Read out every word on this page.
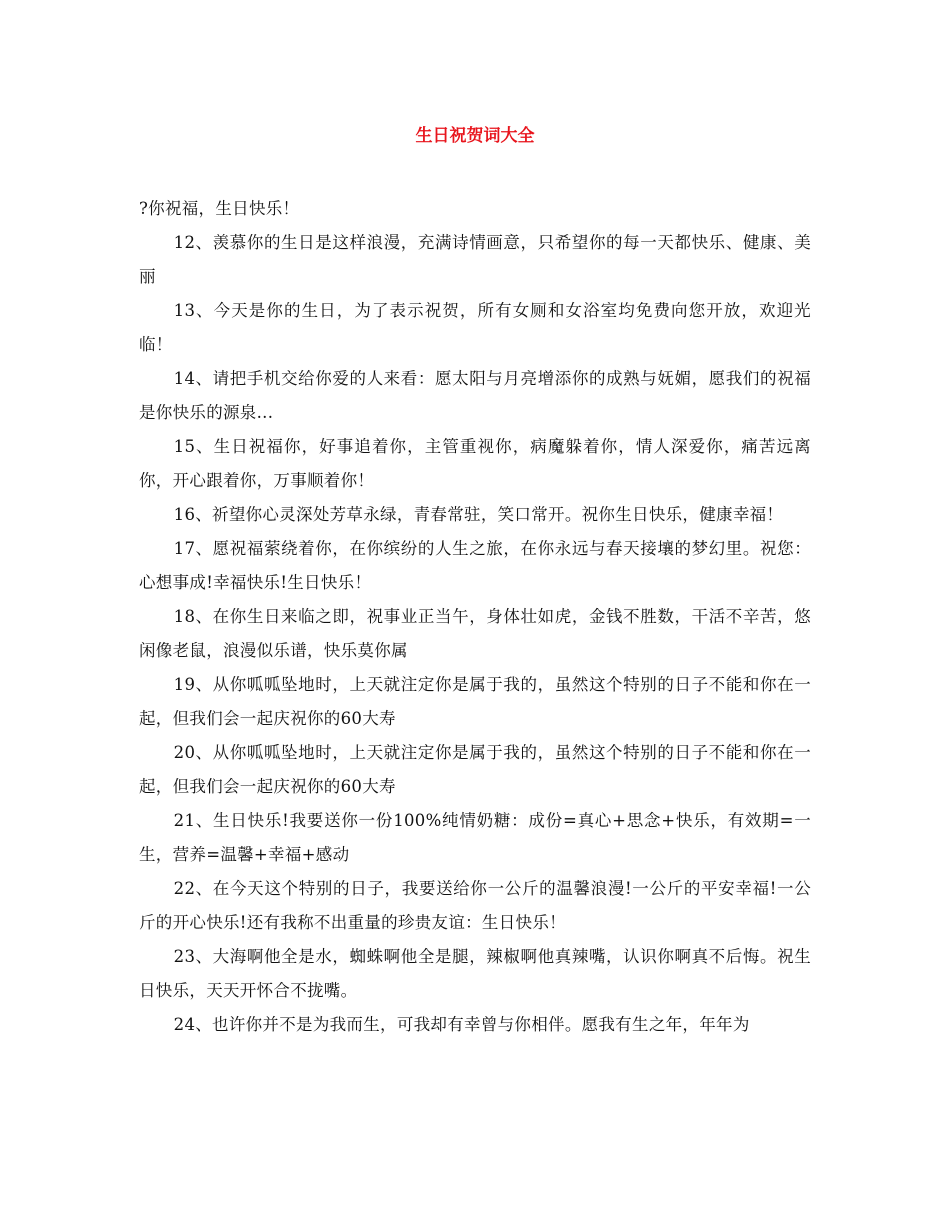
生日祝贺词大全

?你祝福，生日快乐！

12、羡慕你的生日是这样浪漫，充满诗情画意，只希望你的每一天都快乐、健康、美丽

13、今天是你的生日，为了表示祝贺，所有女厕和女浴室均免费向您开放，欢迎光临！

14、请把手机交给你爱的人来看：愿太阳与月亮增添你的成熟与妩媚，愿我们的祝福是你快乐的源泉...

15、生日祝福你，好事追着你，主管重视你，病魔躲着你，情人深爱你，痛苦远离你，开心跟着你，万事顺着你！

16、祈望你心灵深处芳草永绿，青春常驻，笑口常开。祝你生日快乐，健康幸福！

17、愿祝福萦绕着你，在你缤纷的人生之旅，在你永远与春天接壤的梦幻里。祝您：心想事成!幸福快乐!生日快乐！

18、在你生日来临之即，祝事业正当午，身体壮如虎，金钱不胜数，干活不辛苦，悠闲像老鼠，浪漫似乐谱，快乐莫你属

19、从你呱呱坠地时，上天就注定你是属于我的，虽然这个特别的日子不能和你在一起，但我们会一起庆祝你的60大寿

20、从你呱呱坠地时，上天就注定你是属于我的，虽然这个特别的日子不能和你在一起，但我们会一起庆祝你的60大寿

21、生日快乐!我要送你一份100%纯情奶糖：成份=真心+思念+快乐，有效期=一生，营养=温馨+幸福+感动

22、在今天这个特别的日子，我要送给你一公斤的温馨浪漫!一公斤的平安幸福!一公斤的开心快乐!还有我称不出重量的珍贵友谊：生日快乐！

23、大海啊他全是水，蜘蛛啊他全是腿，辣椒啊他真辣嘴，认识你啊真不后悔。祝生日快乐，天天开怀合不拢嘴。

24、也许你并不是为我而生，可我却有幸曾与你相伴。愿我有生之年，年年为
